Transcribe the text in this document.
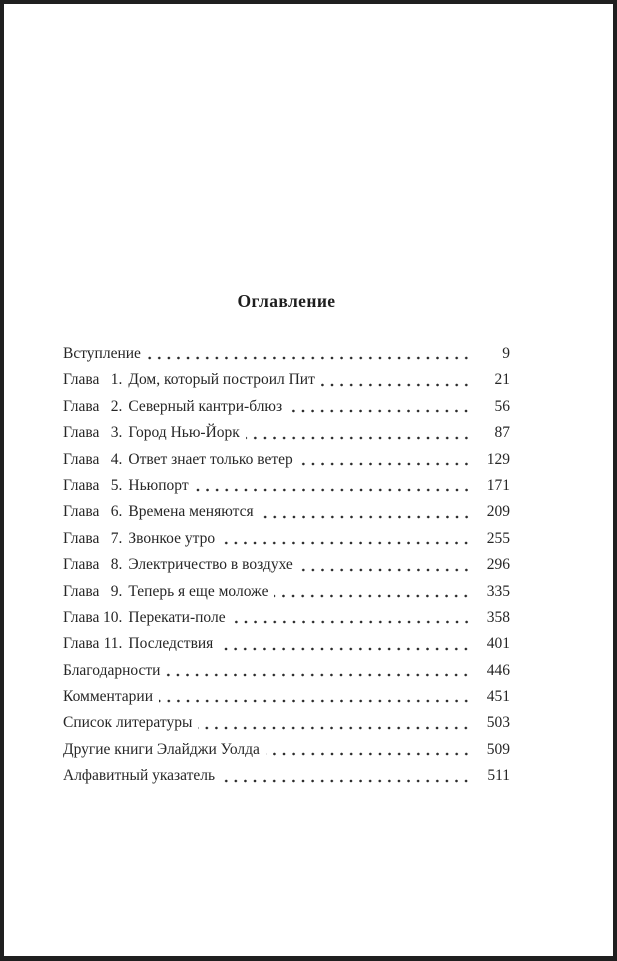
Оглавление
Вступление	9
Глава 1. Дом, который построил Пит	21
Глава 2. Северный кантри-блюз	56
Глава 3. Город Нью-Йорк	87
Глава 4. Ответ знает только ветер	129
Глава 5. Ньюпорт	171
Глава 6. Времена меняются	209
Глава 7. Звонкое утро	255
Глава 8. Электричество в воздухе	296
Глава 9. Теперь я еще моложе	335
Глава 10. Перекати-поле	358
Глава 11. Последствия	401
Благодарности	446
Комментарии	451
Список литературы	503
Другие книги Элайджи Уолда	509
Алфавитный указатель	511
